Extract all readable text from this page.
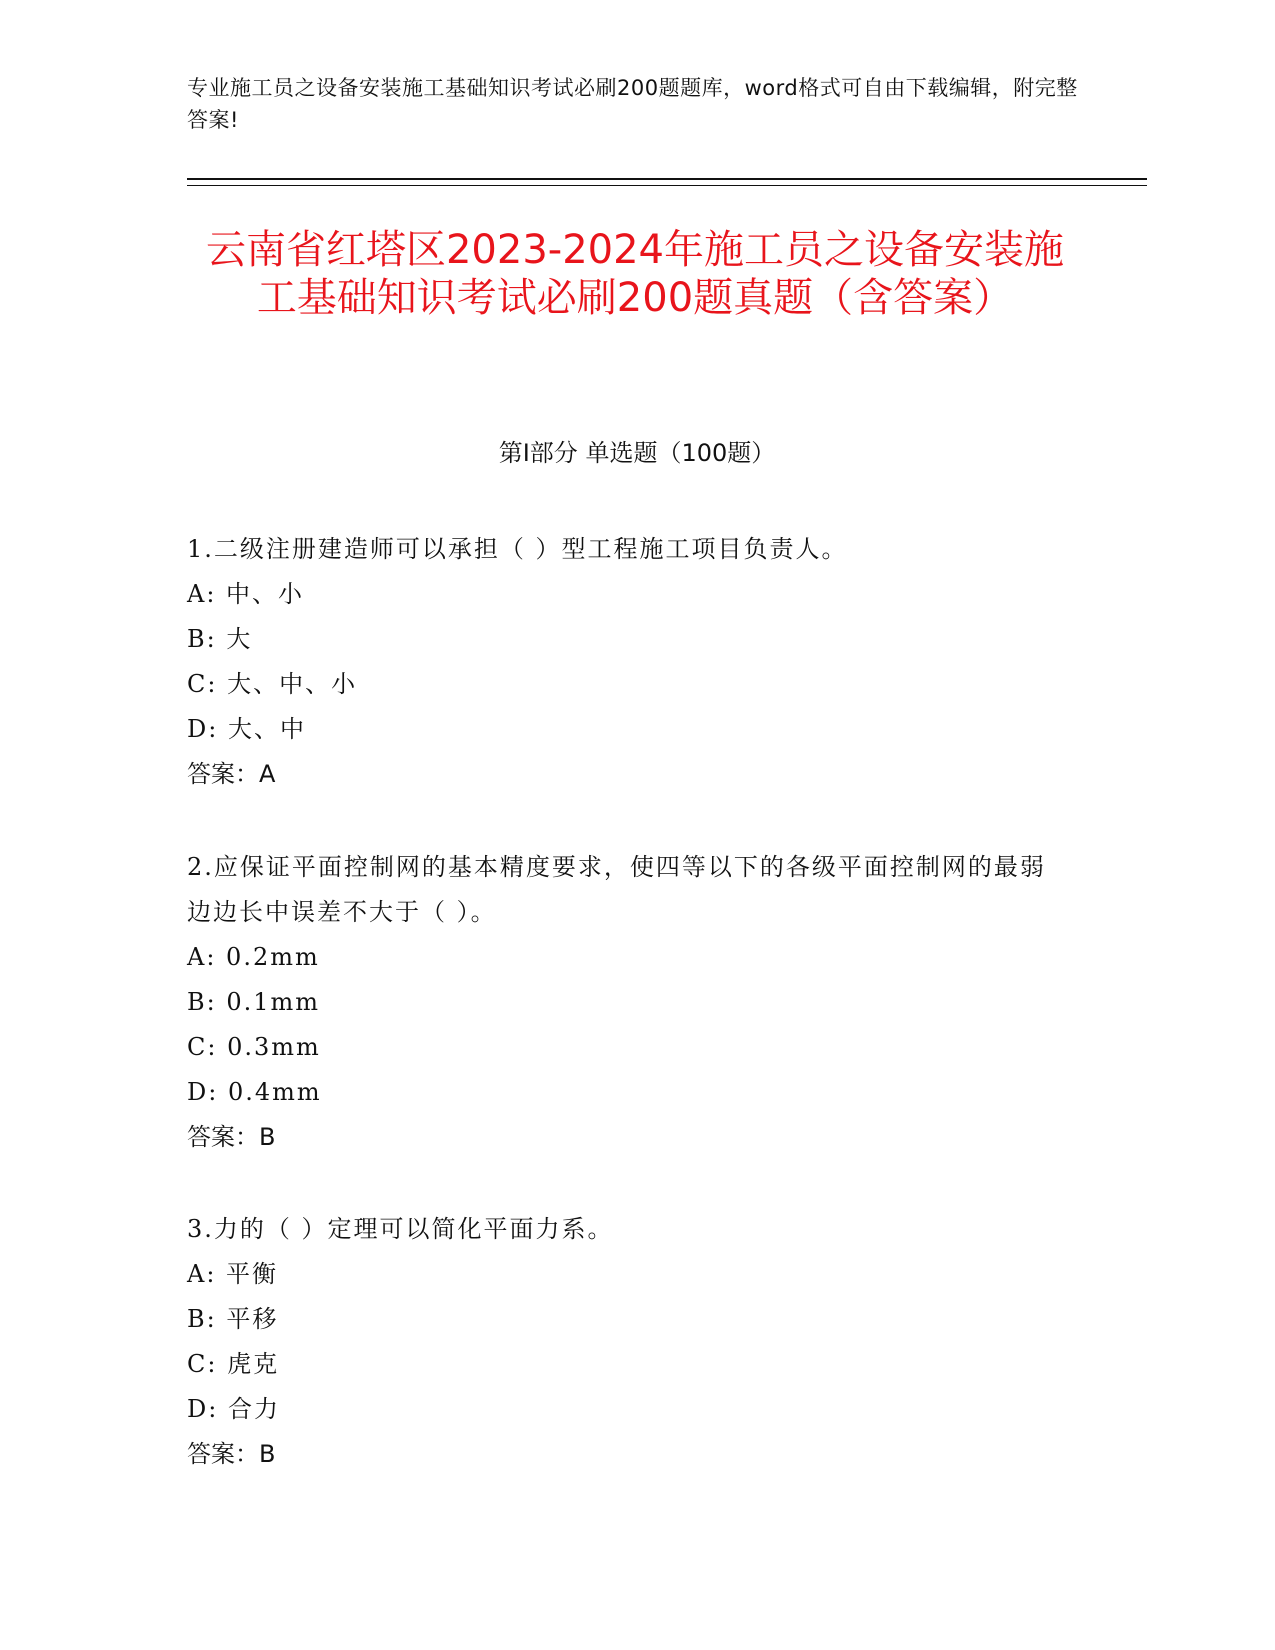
专业施工员之设备安装施工基础知识考试必刷200题题库，word格式可自由下载编辑，附完整答案!
云南省红塔区2023-2024年施工员之设备安装施工基础知识考试必刷200题真题（含答案）
第I部分 单选题（100题）
1.二级注册建造师可以承担（ ）型工程施工项目负责人。
A: 中、小
B: 大
C: 大、中、小
D: 大、中
答案：A
2.应保证平面控制网的基本精度要求，使四等以下的各级平面控制网的最弱边边长中误差不大于（ ）。
A: 0.2mm
B: 0.1mm
C: 0.3mm
D: 0.4mm
答案：B
3.力的（ ）定理可以简化平面力系。
A: 平衡
B: 平移
C: 虎克
D: 合力
答案：B
